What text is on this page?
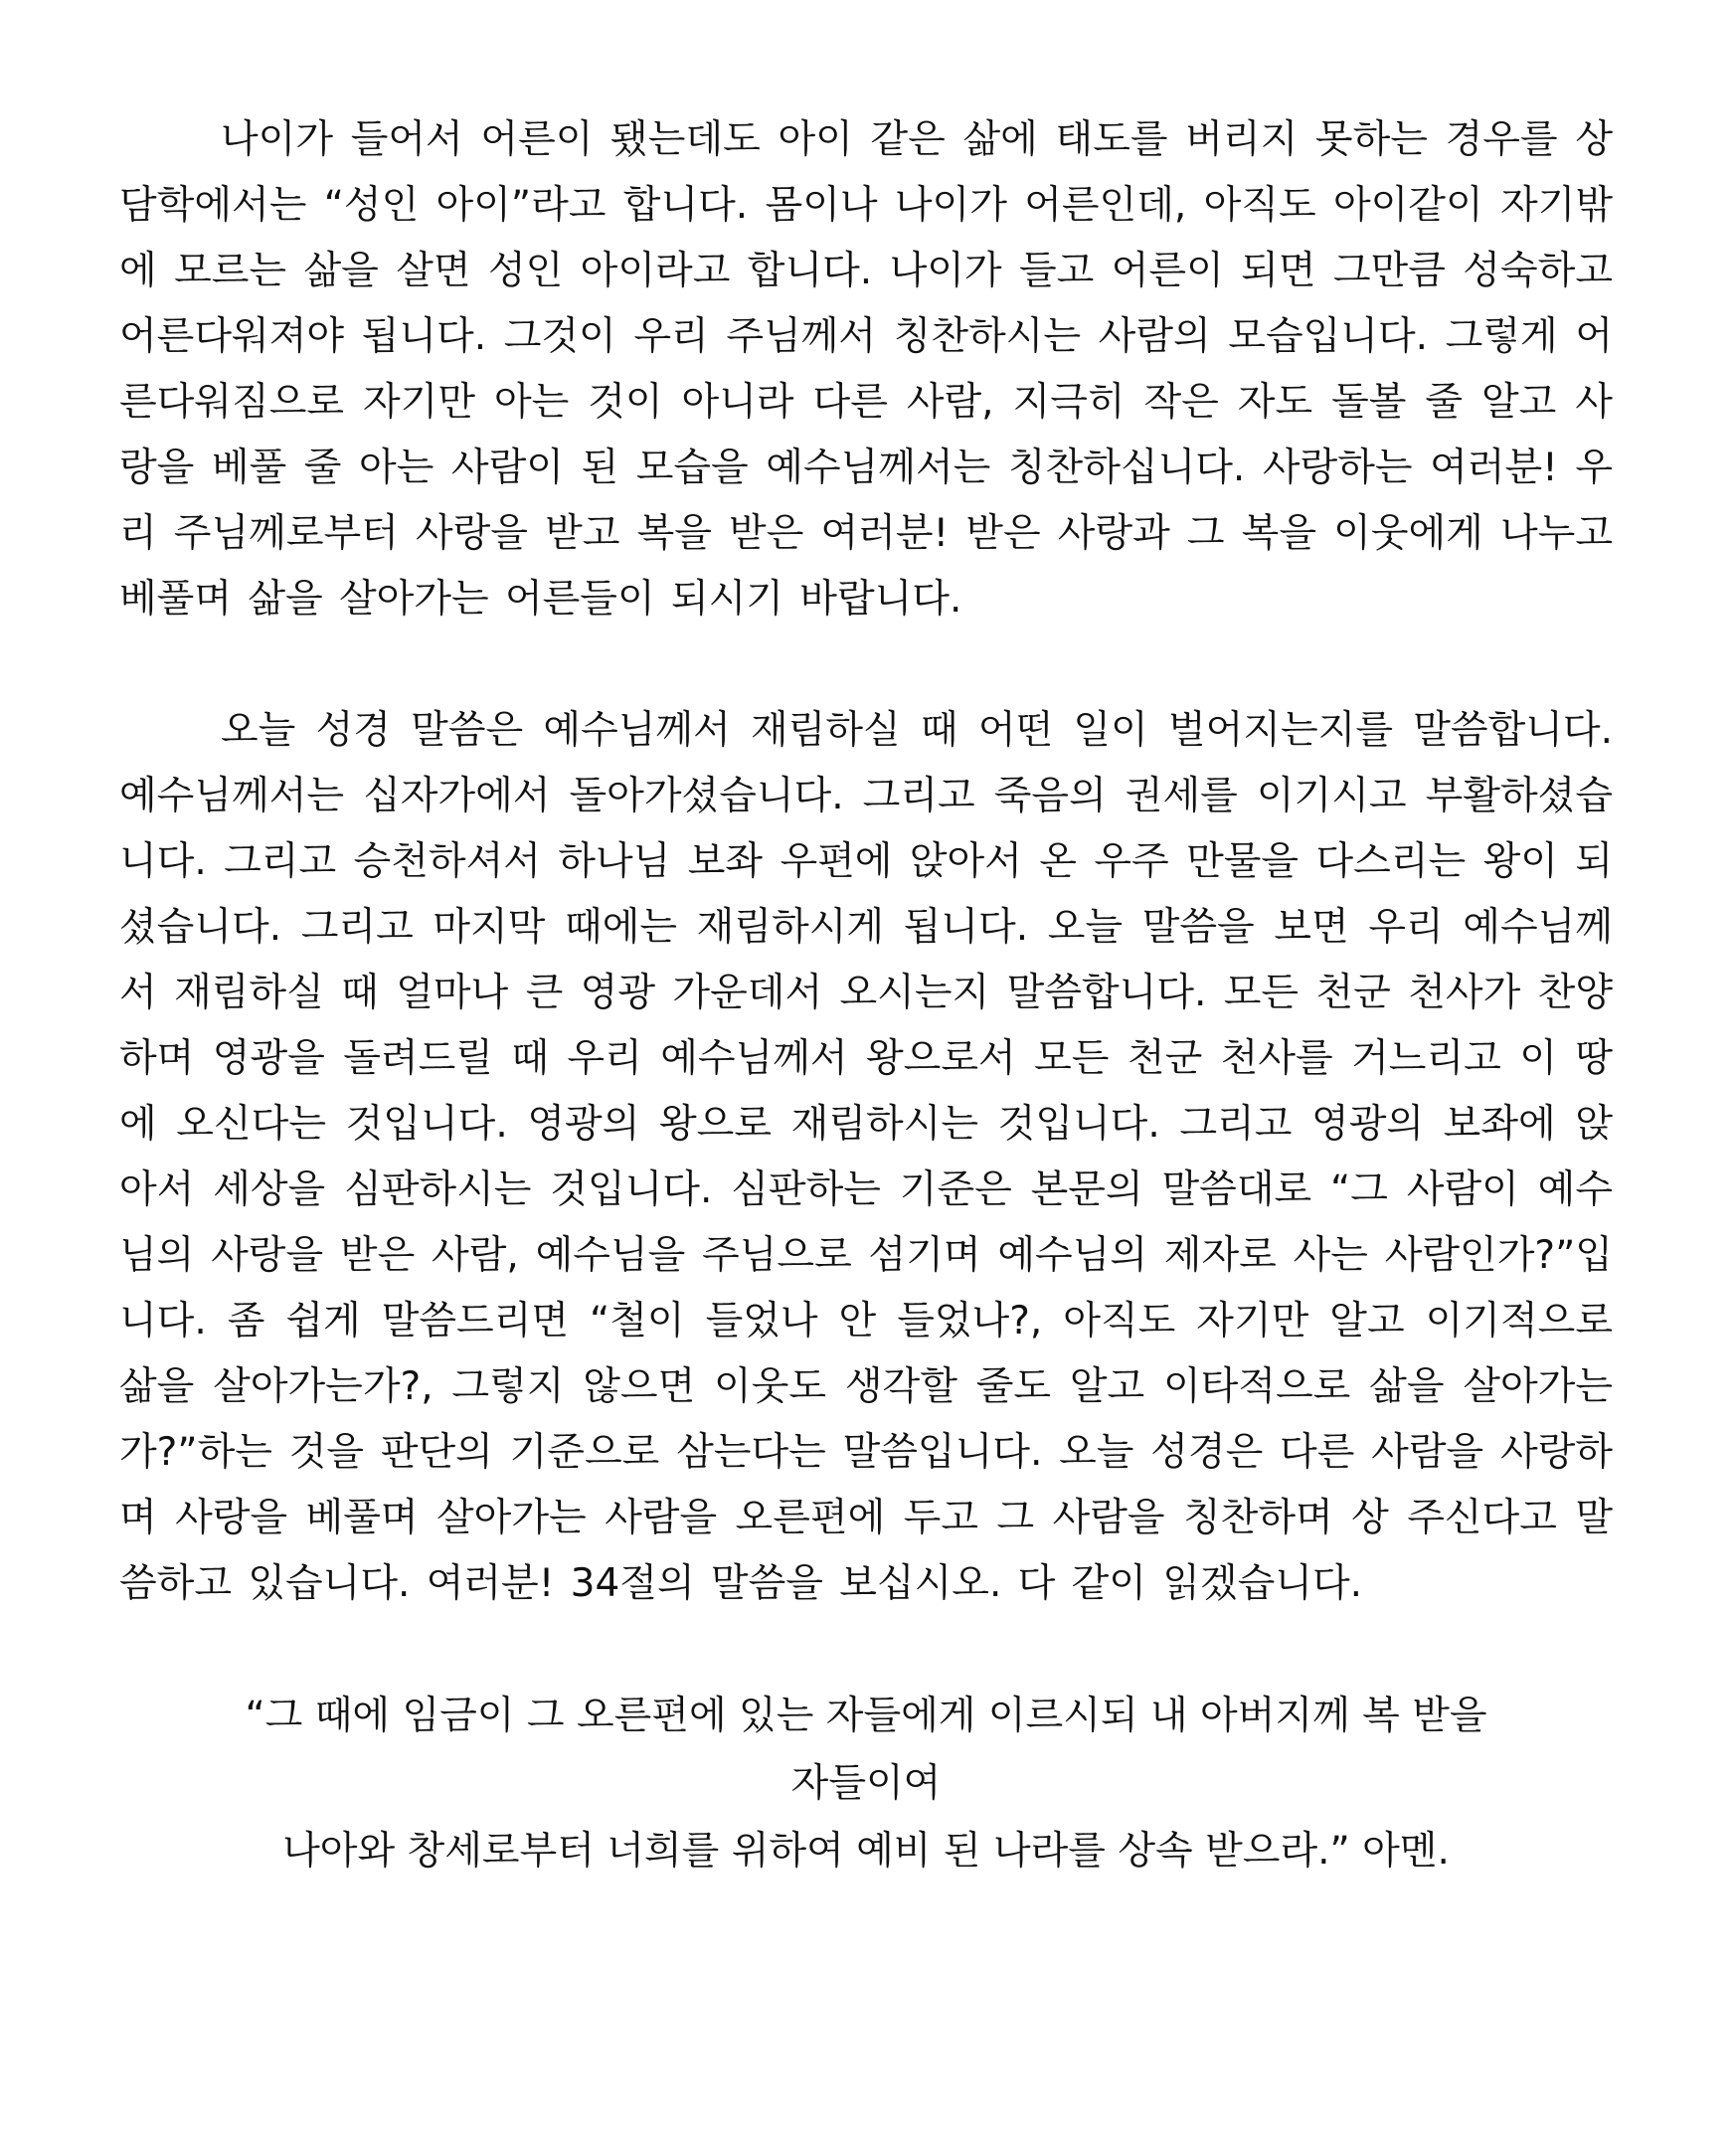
나이가 들어서 어른이 됐는데도 아이 같은 삶에 태도를 버리지 못하는 경우를 상담학에서는 “성인 아이”라고 합니다. 몸이나 나이가 어른인데, 아직도 아이같이 자기밖에 모르는 삶을 살면 성인 아이라고 합니다. 나이가 들고 어른이 되면 그만큼 성숙하고 어른다워져야 됩니다. 그것이 우리 주님께서 칭찬하시는 사람의 모습입니다. 그렇게 어른다워짐으로 자기만 아는 것이 아니라 다른 사람, 지극히 작은 자도 돌볼 줄 알고 사랑을 베풀 줄 아는 사람이 된 모습을 예수님께서는 칭찬하십니다. 사랑하는 여러분! 우리 주님께로부터 사랑을 받고 복을 받은 여러분! 받은 사랑과 그 복을 이웃에게 나누고 베풀며 삶을 살아가는 어른들이 되시기 바랍니다.

오늘 성경 말씀은 예수님께서 재림하실 때 어떤 일이 벌어지는지를 말씀합니다. 예수님께서는 십자가에서 돌아가셨습니다. 그리고 죽음의 권세를 이기시고 부활하셨습니다. 그리고 승천하셔서 하나님 보좌 우편에 앉아서 온 우주 만물을 다스리는 왕이 되셨습니다. 그리고 마지막 때에는 재림하시게 됩니다. 오늘 말씀을 보면 우리 예수님께서 재림하실 때 얼마나 큰 영광 가운데서 오시는지 말씀합니다. 모든 천군 천사가 찬양하며 영광을 돌려드릴 때 우리 예수님께서 왕으로서 모든 천군 천사를 거느리고 이 땅에 오신다는 것입니다. 영광의 왕으로 재림하시는 것입니다. 그리고 영광의 보좌에 앉아서 세상을 심판하시는 것입니다. 심판하는 기준은 본문의 말씀대로 “그 사람이 예수님의 사랑을 받은 사람, 예수님을 주님으로 섬기며 예수님의 제자로 사는 사람인가?”입니다. 좀 쉽게 말씀드리면 “철이 들었나 안 들었나?, 아직도 자기만 알고 이기적으로 삶을 살아가는가?, 그렇지 않으면 이웃도 생각할 줄도 알고 이타적으로 삶을 살아가는가?”하는 것을 판단의 기준으로 삼는다는 말씀입니다. 오늘 성경은 다른 사람을 사랑하며 사랑을 베풀며 살아가는 사람을 오른편에 두고 그 사람을 칭찬하며 상 주신다고 말씀하고 있습니다. 여러분! 34절의 말씀을 보십시오. 다 같이 읽겠습니다.

“그 때에 임금이 그 오른편에 있는 자들에게 이르시되 내 아버지께 복 받을
자들이여
나아와 창세로부터 너희를 위하여 예비 된 나라를 상속 받으라.” 아멘.
